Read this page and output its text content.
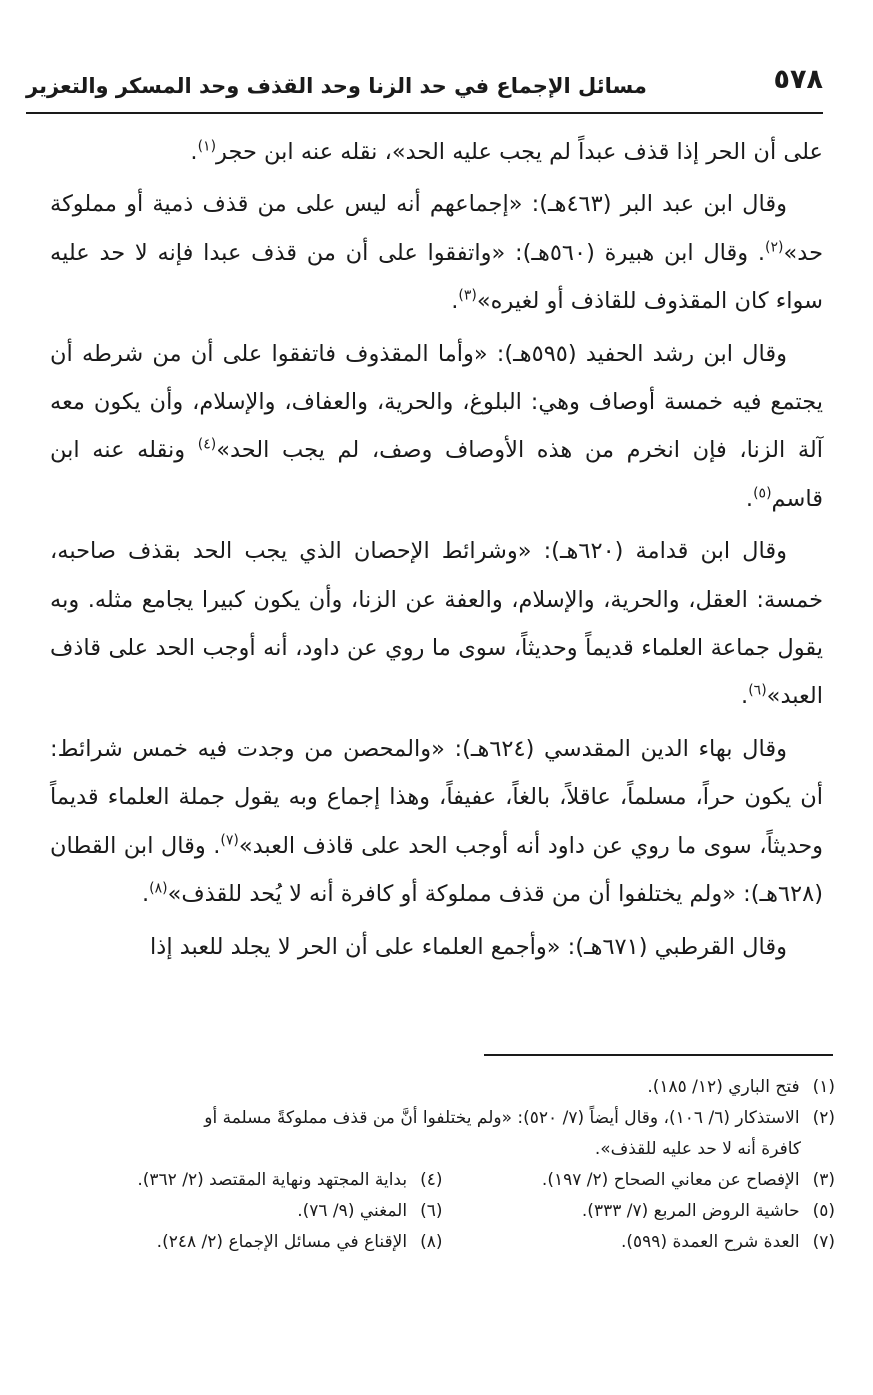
٥٧٨
مسائل الإجماع في حد الزنا وحد القذف وحد المسكر والتعزير

على أن الحر إذا قذف عبداً لم يجب عليه الحد»، نقله عنه ابن حجر$^{(١)}$.

وقال ابن عبد البر (٤٦٣هـ): «إجماعهم أنه ليس على من قذف ذمية أو مملوكة حد»$^{(٢)}$. وقال ابن هبيرة (٥٦٠هـ): «واتفقوا على أن من قذف عبدا فإنه لا حد عليه سواء كان المقذوف للقاذف أو لغيره»$^{(٣)}$.

وقال ابن رشد الحفيد (٥٩٥هـ): «وأما المقذوف فاتفقوا على أن من شرطه أن يجتمع فيه خمسة أوصاف وهي: البلوغ، والحرية، والعفاف، والإسلام، وأن يكون معه آلة الزنا، فإن انخرم من هذه الأوصاف وصف، لم يجب الحد»$^{(٤)}$ ونقله عنه ابن قاسم$^{(٥)}$.

وقال ابن قدامة (٦٢٠هـ): «وشرائط الإحصان الذي يجب الحد بقذف صاحبه، خمسة: العقل، والحرية، والإسلام، والعفة عن الزنا، وأن يكون كبيرا يجامع مثله. وبه يقول جماعة العلماء قديماً وحديثاً، سوى ما روي عن داود، أنه أوجب الحد على قاذف العبد»$^{(٦)}$.

وقال بهاء الدين المقدسي (٦٢٤هـ): «والمحصن من وجدت فيه خمس شرائط: أن يكون حراً، مسلماً، عاقلاً، بالغاً، عفيفاً، وهذا إجماع وبه يقول جملة العلماء قديماً وحديثاً، سوى ما روي عن داود أنه أوجب الحد على قاذف العبد»$^{(٧)}$. وقال ابن القطان (٦٢٨هـ): «ولم يختلفوا أن من قذف مملوكة أو كافرة أنه لا يُحد للقذف»$^{(٨)}$.

وقال القرطبي (٦٧١هـ): «وأجمع العلماء على أن الحر لا يجلد للعبد إذا

(١) فتح الباري (١٢/ ١٨٥).
(٢) الاستذكار (٦/ ١٠٦)، وقال أيضاً (٧/ ٥٢٠): «ولم يختلفوا أنَّ من قذف مملوكةً مسلمة أو
كافرة أنه لا حد عليه للقذف».
(٣) الإفصاح عن معاني الصحاح (٢/ ١٩٧).
(٤) بداية المجتهد ونهاية المقتصد (٢/ ٣٦٢).
(٥) حاشية الروض المربع (٧/ ٣٣٣).
(٦) المغني (٩/ ٧٦).
(٧) العدة شرح العمدة (٥٩٩).
(٨) الإقناع في مسائل الإجماع (٢/ ٢٤٨).
